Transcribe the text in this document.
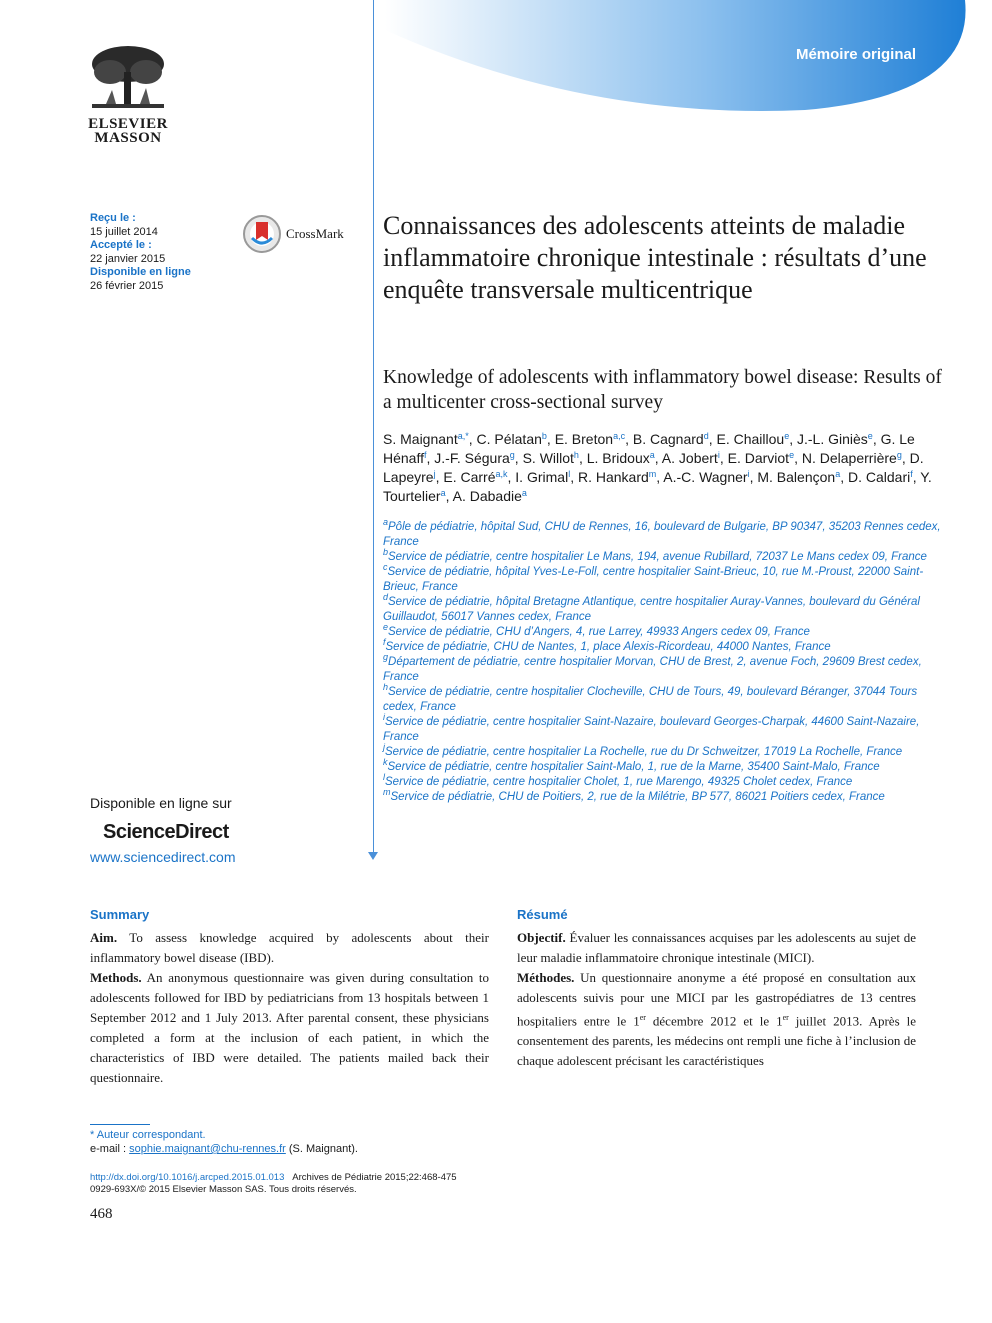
Mémoire original
ELSEVIER
MASSON
Reçu le :
15 juillet 2014
Accepté le :
22 janvier 2015
Disponible en ligne
26 février 2015
CrossMark Connaissances des adolescents atteints de maladie inflammatoire chronique intestinale : résultats d’une enquête transversale multicentrique
Knowledge of adolescents with inflammatory bowel disease: Results of a multicenter cross-sectional survey
S. Maignant$^{a,*}$, C. Pélatan$^b$, E. Breton$^{a,c}$, B. Cagnard$^d$, E. Chaillou$^e$, J.-L. Giniès$^e$, G. Le Hénaff$^f$, J.-F. Ségura$^g$, S. Willot$^h$, L. Bridoux$^a$, A. Jobert$^i$, E. Darviot$^e$, N. Delaperrière$^g$, D. Lapeyre$^j$, E. Carré$^{a,k}$, I. Grimal$^l$, R. Hankard$^m$, A.-C. Wagner$^i$, M. Balençon$^a$, D. Caldari$^f$, Y. Tourtelier$^a$, A. Dabadie$^a$
$^a$Pôle de pédiatrie, hôpital Sud, CHU de Rennes, 16, boulevard de Bulgarie, BP 90347, 35203 Rennes cedex, France
$^b$Service de pédiatrie, centre hospitalier Le Mans, 194, avenue Rubillard, 72037 Le Mans cedex 09, France
$^c$Service de pédiatrie, hôpital Yves-Le-Foll, centre hospitalier Saint-Brieuc, 10, rue M.-Proust, 22000 Saint-Brieuc, France
$^d$Service de pédiatrie, hôpital Bretagne Atlantique, centre hospitalier Auray-Vannes, boulevard du Général Guillaudot, 56017 Vannes cedex, France
$^e$Service de pédiatrie, CHU d’Angers, 4, rue Larrey, 49933 Angers cedex 09, France
$^f$Service de pédiatrie, CHU de Nantes, 1, place Alexis-Ricordeau, 44000 Nantes, France
$^g$Département de pédiatrie, centre hospitalier Morvan, CHU de Brest, 2, avenue Foch, 29609 Brest cedex, France
$^h$Service de pédiatrie, centre hospitalier Clocheville, CHU de Tours, 49, boulevard Béranger, 37044 Tours cedex, France
$^i$Service de pédiatrie, centre hospitalier Saint-Nazaire, boulevard Georges-Charpak, 44600 Saint-Nazaire, France
$^j$Service de pédiatrie, centre hospitalier La Rochelle, rue du Dr Schweitzer, 17019 La Rochelle, France
$^k$Service de pédiatrie, centre hospitalier Saint-Malo, 1, rue de la Marne, 35400 Saint-Malo, France
$^l$Service de pédiatrie, centre hospitalier Cholet, 1, rue Marengo, 49325 Cholet cedex, France
$^m$Service de pédiatrie, CHU de Poitiers, 2, rue de la Milétrie, BP 577, 86021 Poitiers cedex, France
Disponible en ligne sur
ScienceDirect
www.sciencedirect.com
Summary
Aim. To assess knowledge acquired by adolescents about their inflammatory bowel disease (IBD).
Methods. An anonymous questionnaire was given during consultation to adolescents followed for IBD by pediatricians from 13 hospitals between 1 September 2012 and 1 July 2013. After parental consent, these physicians completed a form at the inclusion of each patient, in which the characteristics of IBD were detailed. The patients mailed back their questionnaire.
Résumé
Objectif. Évaluer les connaissances acquises par les adolescents au sujet de leur maladie inflammatoire chronique intestinale (MICI).
Méthodes. Un questionnaire anonyme a été proposé en consultation aux adolescents suivis pour une MICI par les gastropédiatres de 13 centres hospitaliers entre le 1er décembre 2012 et le 1er juillet 2013. Après le consentement des parents, les médecins ont rempli une fiche à l’inclusion de chaque adolescent précisant les caractéristiques
* Auteur correspondant.
e-mail : sophie.maignant@chu-rennes.fr (S. Maignant).
http://dx.doi.org/10.1016/j.arcped.2015.01.013 Archives de Pédiatrie 2015;22:468-475
0929-693X/© 2015 Elsevier Masson SAS. Tous droits réservés.
468
